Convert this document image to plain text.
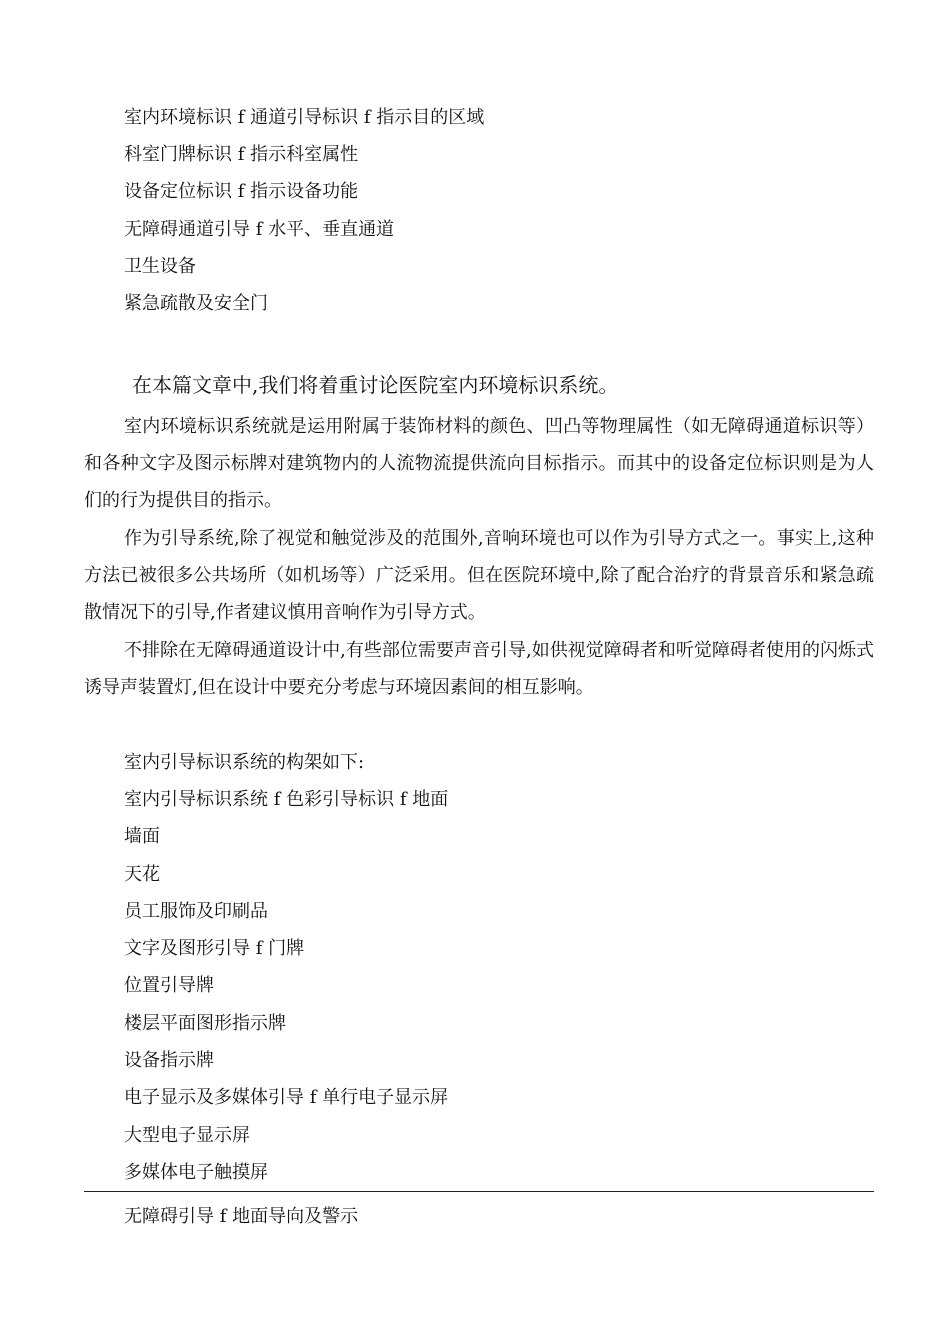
室内环境标识 f 通道引导标识 f 指示目的区域

科室门牌标识 f 指示科室属性

设备定位标识 f 指示设备功能

无障碍通道引导 f 水平、垂直通道

卫生设备

紧急疏散及安全门

在本篇文章中,我们将着重讨论医院室内环境标识系统。

室内环境标识系统就是运用附属于装饰材料的颜色、凹凸等物理属性（如无障碍通道标识等）和各种文字及图示标牌对建筑物内的人流物流提供流向目标指示。而其中的设备定位标识则是为人们的行为提供目的指示。

作为引导系统,除了视觉和触觉涉及的范围外,音响环境也可以作为引导方式之一。事实上,这种方法已被很多公共场所（如机场等）广泛采用。但在医院环境中,除了配合治疗的背景音乐和紧急疏散情况下的引导,作者建议慎用音响作为引导方式。

不排除在无障碍通道设计中,有些部位需要声音引导,如供视觉障碍者和听觉障碍者使用的闪烁式诱导声装置灯,但在设计中要充分考虑与环境因素间的相互影响。

室内引导标识系统的构架如下:

室内引导标识系统 f 色彩引导标识 f 地面

墙面

天花

员工服饰及印刷品

文字及图形引导 f 门牌

位置引导牌

楼层平面图形指示牌

设备指示牌

电子显示及多媒体引导 f 单行电子显示屏

大型电子显示屏

多媒体电子触摸屏

无障碍引导 f 地面导向及警示
